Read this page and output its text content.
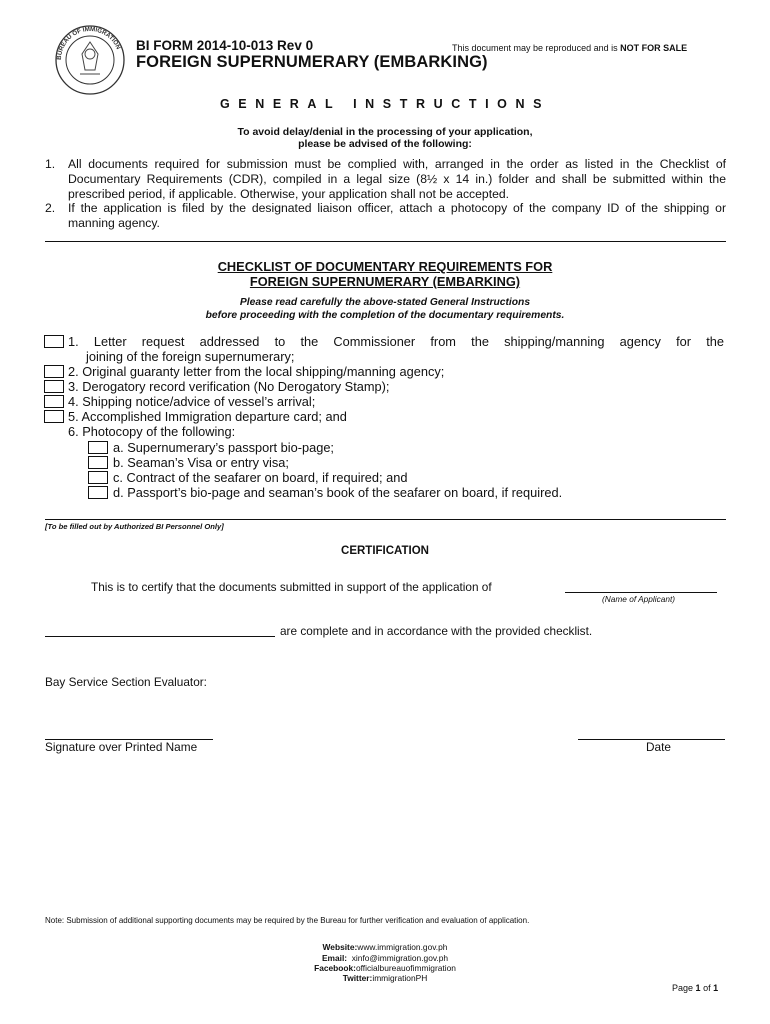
BUREAU OF IMMIGRATION BI FORM 2014-10-013 Rev 0	This document may be reproduced and is NOT FOR SALE
FOREIGN SUPERNUMERARY (EMBARKING)
GENERAL INSTRUCTIONS
To avoid delay/denial in the processing of your application,
please be advised of the following:
1. All documents required for submission must be complied with, arranged in the order as listed in the Checklist of Documentary Requirements (CDR), compiled in a legal size (8½ x 14 in.) folder and shall be submitted within the prescribed period, if applicable. Otherwise, your application shall not be accepted.
2. If the application is filed by the designated liaison officer, attach a photocopy of the company ID of the shipping or manning agency.
CHECKLIST OF DOCUMENTARY REQUIREMENTS FOR
FOREIGN SUPERNUMERARY (EMBARKING)
Please read carefully the above-stated General Instructions
before proceeding with the completion of the documentary requirements.
1. Letter request addressed to the Commissioner from the shipping/manning agency for the
joining of the foreign supernumerary;
2. Original guaranty letter from the local shipping/manning agency;
3. Derogatory record verification (No Derogatory Stamp);
4. Shipping notice/advice of vessel’s arrival;
5. Accomplished Immigration departure card; and
6. Photocopy of the following:
a. Supernumerary’s passport bio-page;
b. Seaman’s Visa or entry visa;
c. Contract of the seafarer on board, if required; and
d. Passport’s bio-page and seaman’s book of the seafarer on board, if required.
[To be filled out by Authorized BI Personnel Only]
CERTIFICATION
This is to certify that the documents submitted in support of the application of
(Name of Applicant)
are complete and in accordance with the provided checklist.
Bay Service Section Evaluator:
Signature over Printed Name	Date
Note: Submission of additional supporting documents may be required by the Bureau for further verification and evaluation of application.
Website:www.immigration.gov.ph
Email: xinfo@immigration.gov.ph
Facebook:officialbureauofimmigration
Twitter:immigrationPH
Page 1 of 1
